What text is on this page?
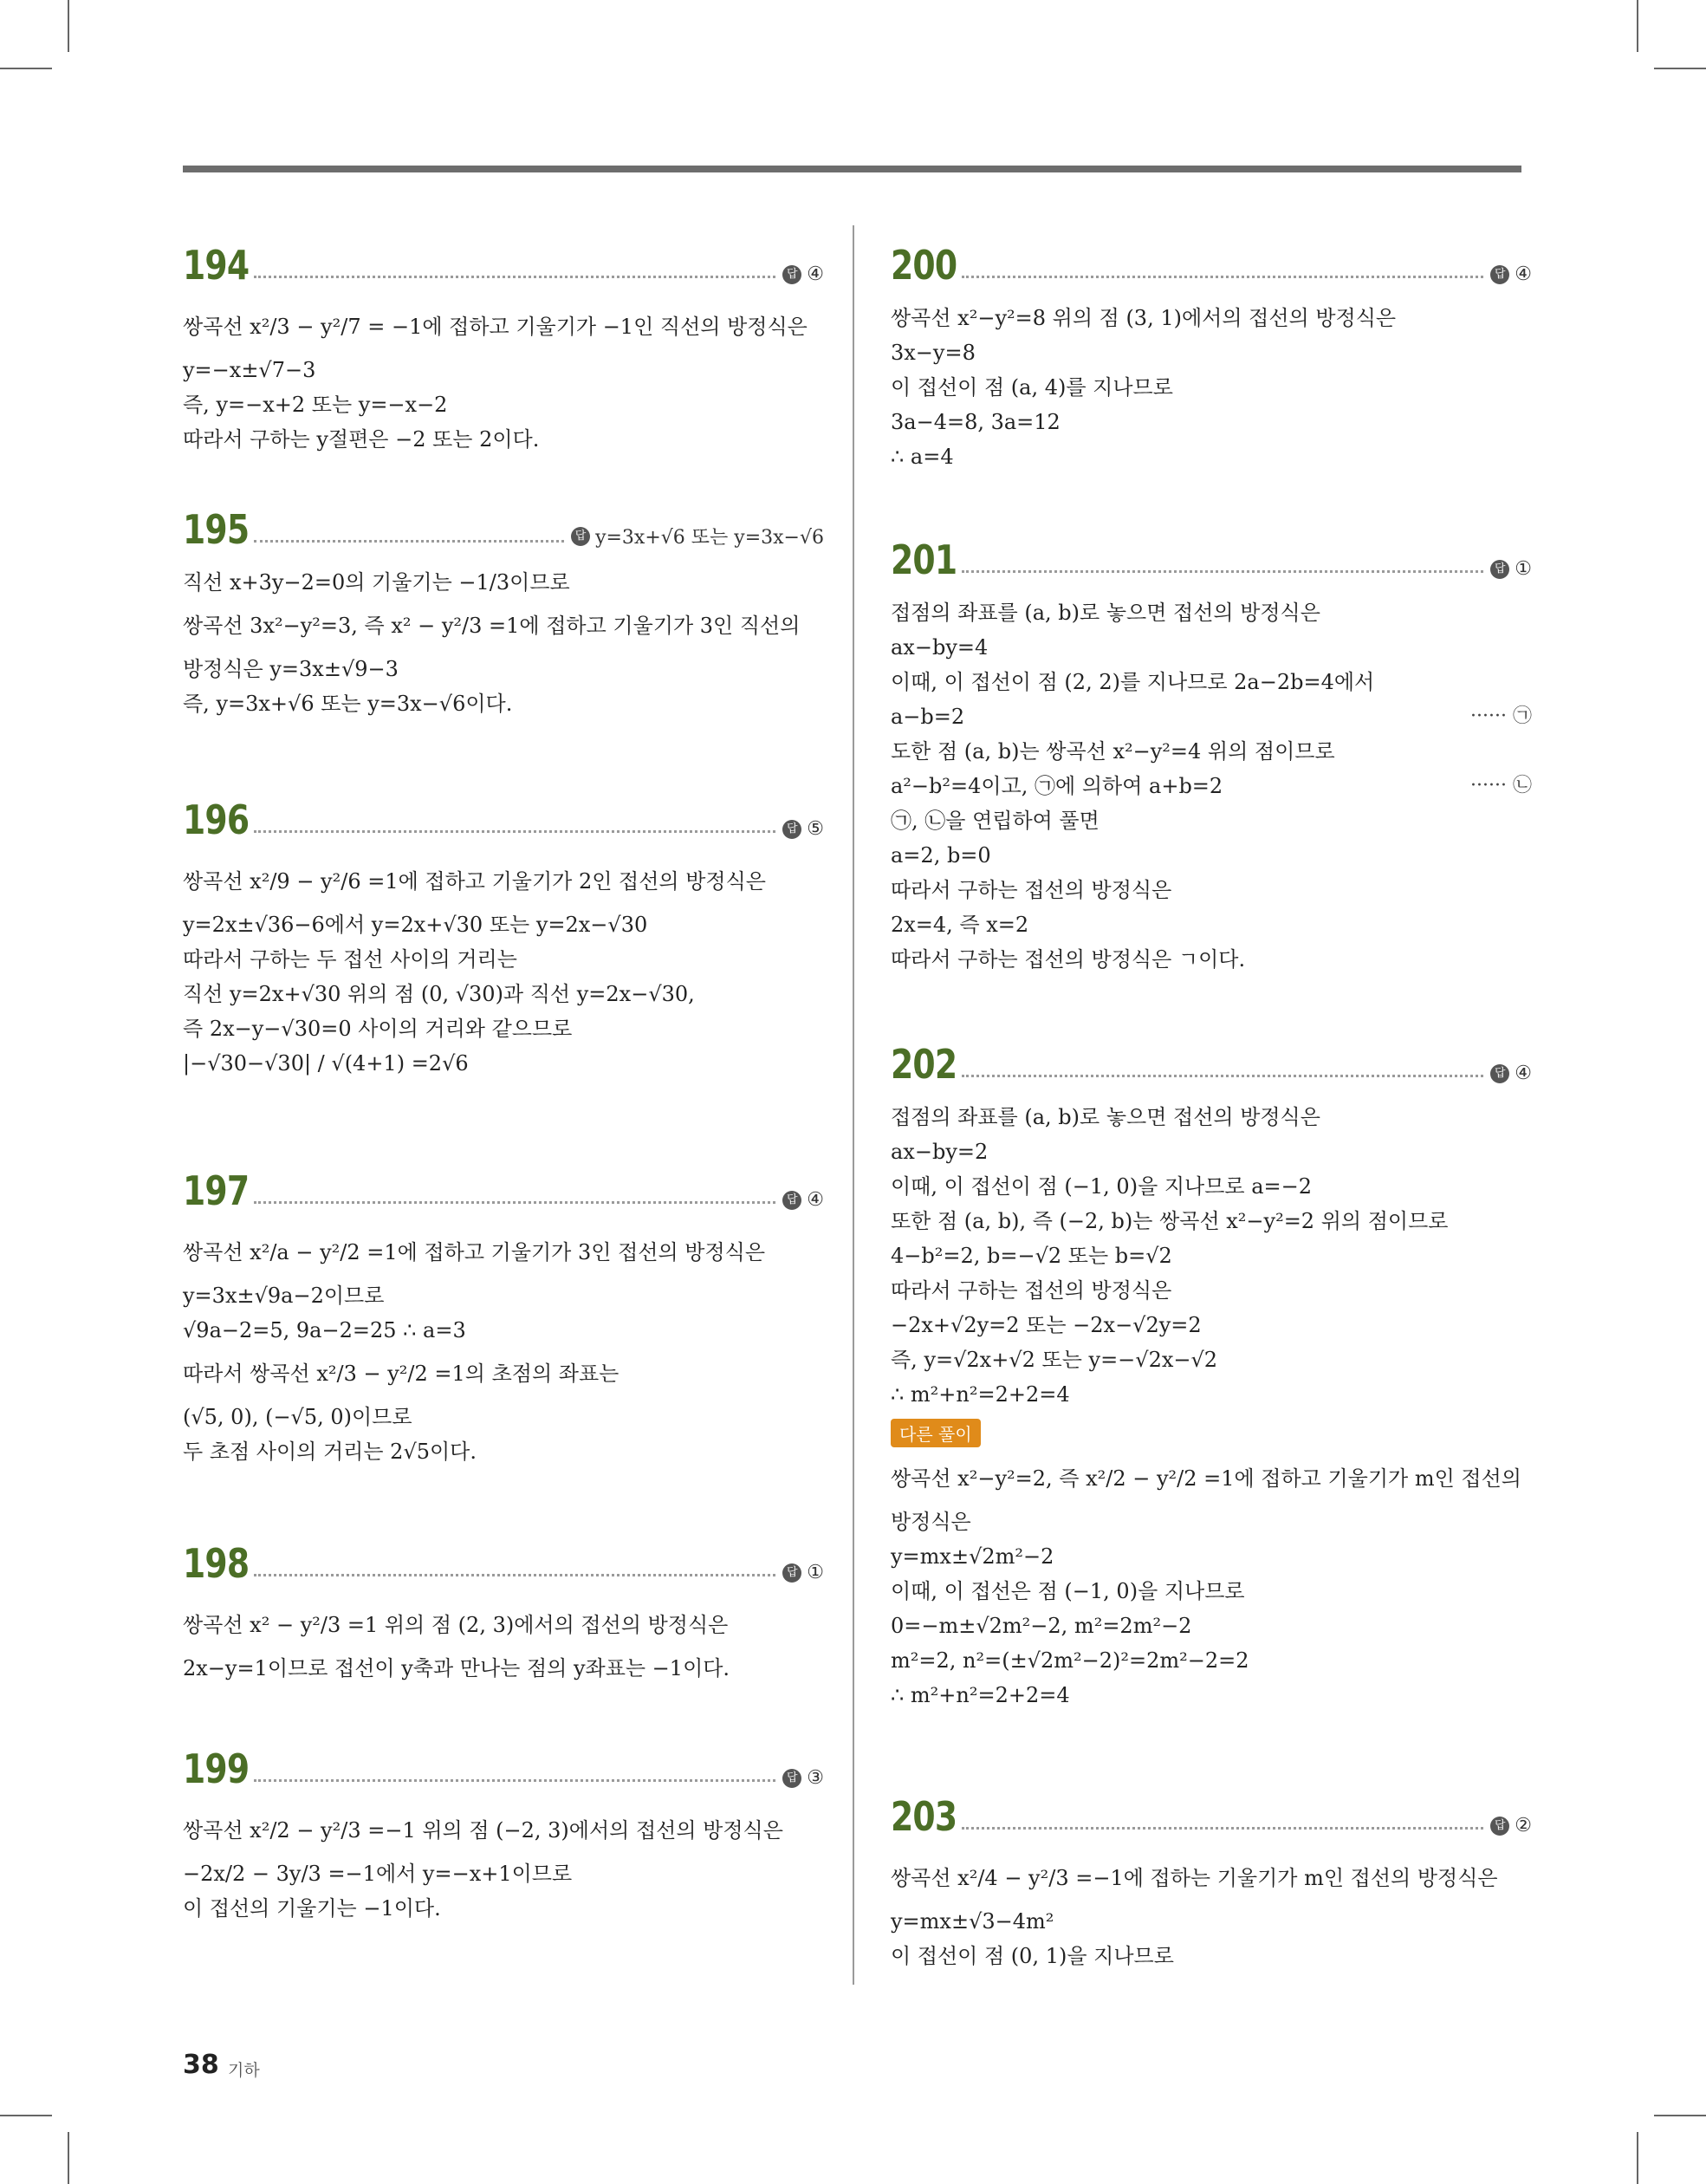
194	답 ④
쌍곡선 x²/3 − y²/7 = −1에 접하고 기울기가 −1인 직선의 방정식은
y=−x±√7−3
즉, y=−x+2 또는 y=−x−2
따라서 구하는 y절편은 −2 또는 2이다.
195	답 y=3x+√6 또는 y=3x−√6
직선 x+3y−2=0의 기울기는 −1/3이므로
쌍곡선 3x²−y²=3, 즉 x² − y²/3 =1에 접하고 기울기가 3인 직선의
방정식은 y=3x±√9−3
즉, y=3x+√6 또는 y=3x−√6이다.
196	답 ⑤
쌍곡선 x²/9 − y²/6 =1에 접하고 기울기가 2인 접선의 방정식은
y=2x±√36−6에서 y=2x+√30 또는 y=2x−√30
따라서 구하는 두 접선 사이의 거리는
직선 y=2x+√30 위의 점 (0, √30)과 직선 y=2x−√30,
즉 2x−y−√30=0 사이의 거리와 같으므로
|−√30−√30| / √(4+1) =2√6
197	답 ④
쌍곡선 x²/a − y²/2 =1에 접하고 기울기가 3인 접선의 방정식은
y=3x±√9a−2이므로
√9a−2=5, 9a−2=25 ∴ a=3
따라서 쌍곡선 x²/3 − y²/2 =1의 초점의 좌표는
(√5, 0), (−√5, 0)이므로
두 초점 사이의 거리는 2√5이다.
198	답 ①
쌍곡선 x² − y²/3 =1 위의 점 (2, 3)에서의 접선의 방정식은
2x−y=1이므로 접선이 y축과 만나는 점의 y좌표는 −1이다.
199	답 ③
쌍곡선 x²/2 − y²/3 =−1 위의 점 (−2, 3)에서의 접선의 방정식은
−2x/2 − 3y/3 =−1에서 y=−x+1이므로
이 접선의 기울기는 −1이다.
200	답 ④
쌍곡선 x²−y²=8 위의 점 (3, 1)에서의 접선의 방정식은
3x−y=8
이 접선이 점 (a, 4)를 지나므로
3a−4=8, 3a=12
∴ a=4
201	답 ①
접점의 좌표를 (a, b)로 놓으면 접선의 방정식은
ax−by=4
이때, 이 접선이 점 (2, 2)를 지나므로 2a−2b=4에서
a−b=2	······ ㉠
도한 점 (a, b)는 쌍곡선 x²−y²=4 위의 점이므로
a²−b²=4이고, ㉠에 의하여 a+b=2	······ ㉡
㉠, ㉡을 연립하여 풀면
a=2, b=0
따라서 구하는 접선의 방정식은
2x=4, 즉 x=2
따라서 구하는 접선의 방정식은 ㄱ이다.
202	답 ④
접점의 좌표를 (a, b)로 놓으면 접선의 방정식은
ax−by=2
이때, 이 접선이 점 (−1, 0)을 지나므로 a=−2
또한 점 (a, b), 즉 (−2, b)는 쌍곡선 x²−y²=2 위의 점이므로
4−b²=2, b=−√2 또는 b=√2
따라서 구하는 접선의 방정식은
−2x+√2y=2 또는 −2x−√2y=2
즉, y=√2x+√2 또는 y=−√2x−√2
∴ m²+n²=2+2=4
다른 풀이
쌍곡선 x²−y²=2, 즉 x²/2 − y²/2 =1에 접하고 기울기가 m인 접선의
방정식은
y=mx±√2m²−2
이때, 이 접선은 점 (−1, 0)을 지나므로
0=−m±√2m²−2, m²=2m²−2
m²=2, n²=(±√2m²−2)²=2m²−2=2
∴ m²+n²=2+2=4
203	답 ②
쌍곡선 x²/4 − y²/3 =−1에 접하는 기울기가 m인 접선의 방정식은
y=mx±√3−4m²
이 접선이 점 (0, 1)을 지나므로
38 기하
